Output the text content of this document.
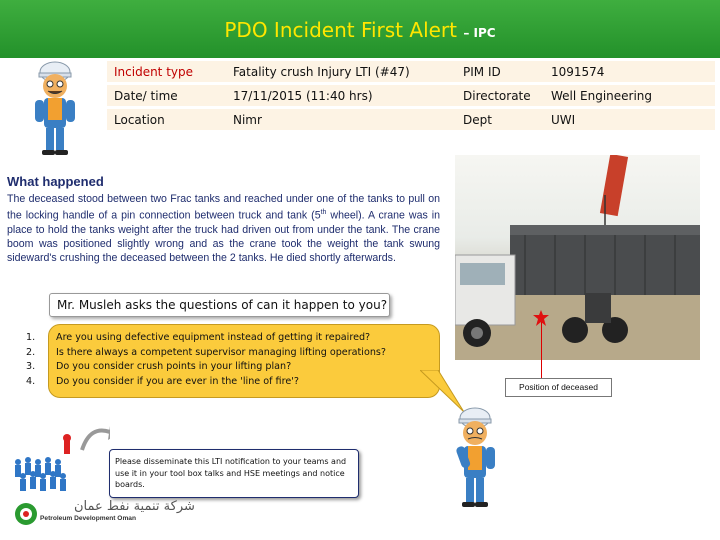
PDO Incident First Alert – IPC
Incident type	Fatality crush Injury LTI (#47)	PIM ID	1091574
Date/ time	17/11/2015 (11:40 hrs)	Directorate	Well Engineering
Location	Nimr	Dept	UWI
What happened
The deceased stood between two Frac tanks and reached under one of the tanks to pull on the locking handle of a pin connection between truck and tank (5th wheel). A crane was in place to hold the tanks weight after the truck had driven out from under the tank. The crane boom was positioned slightly wrong and as the crane took the weight the tank swung sideward's crushing the deceased between the 2 tanks. He died shortly afterwards.
Position of deceased
Mr. Musleh asks the questions of can it happen to you?
1.	Are you using defective equipment instead of getting it repaired?
2.	Is there always a competent supervisor managing lifting operations?
3.	Do you consider crush points in your lifting plan?
4.	Do you consider if you are ever in the 'line of fire'?
Please disseminate this LTI notification to your teams and use it in your tool box talks and HSE meetings and notice boards.
شركة تنمية نفط عمان
Petroleum Development Oman
